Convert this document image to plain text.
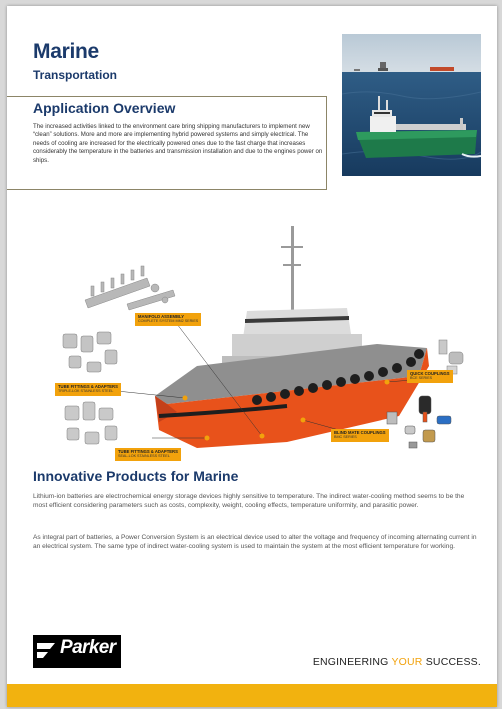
Marine
Transportation
Application Overview

The increased activities linked to the environment care bring shipping manufacturers to implement new “clean” solutions. More and more are implementing hybrid powered systems and simply electrical. The needs of cooling are increased for the electrically powered ones due to the fast charge that increases considerably the temperature in the batteries and transmission installation and due to the engines power on ships.

MANIFOLD ASSEMBLY
COMPLETE SYSTEM MM2 SERIES
TUBE FITTINGS & ADAPTERS
TRIPLE-LOK STAINLESS STEEL
TUBE FITTINGS & ADAPTERS
SEAL-LOK STAINLESS STEEL
QUICK COUPLINGS
BCE SERIES
BLIND MATE COUPLINGS
BMC SERIES
Innovative Products for Marine

Lithium-ion batteries are electrochemical energy storage devices highly sensitive to temperature. The indirect water-cooling method seems to be the most efficient considering parameters such as costs, complexity, weight, cooling effects, temperature uniformity, and parasitic power.

As integral part of batteries, a Power Conversion System is an electrical device used to alter the voltage and frequency of incoming alternating current in an electrical system. The same type of indirect water-cooling system is used to maintain the system at the most efficient temperature for working.

Parker
ENGINEERING YOUR SUCCESS.
